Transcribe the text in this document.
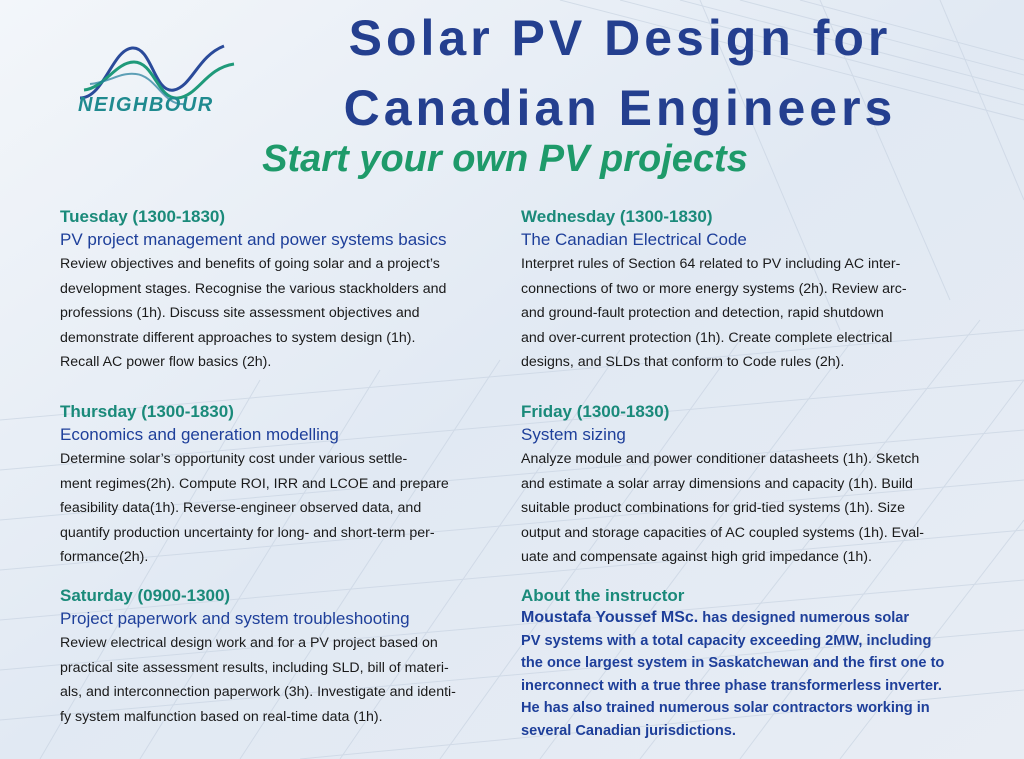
NEIGHBOUR
Solar PV Design for
Canadian Engineers
Start your own PV projects

Tuesday (1300-1830)

PV project management and power systems basics

Review objectives and benefits of going solar and a project’s

development stages. Recognise the various stackholders and

professions (1h). Discuss site assessment objectives and

demonstrate different approaches to system design (1h).

Recall AC power flow basics (2h).

Wednesday (1300-1830)

The Canadian Electrical Code

Interpret rules of Section 64 related to PV including AC inter-

connections of two or more energy systems (2h). Review arc-

and ground-fault protection and detection, rapid shutdown

and over-current protection (1h). Create complete electrical

designs, and SLDs that conform to Code rules (2h).

Thursday (1300-1830)

Economics and generation modelling

Determine solar’s opportunity cost under various settle-

ment regimes(2h). Compute ROI, IRR and LCOE and prepare

feasibility data(1h). Reverse-engineer observed data, and

quantify production uncertainty for long- and short-term per-

formance(2h).

Friday (1300-1830)

System sizing

Analyze module and power conditioner datasheets (1h). Sketch

and estimate a solar array dimensions and capacity (1h). Build

suitable product combinations for grid-tied systems (1h). Size

output and storage capacities of AC coupled systems (1h). Eval-

uate and compensate against high grid impedance (1h).

Saturday (0900-1300)

Project paperwork and system troubleshooting

Review electrical design work and for a PV project based on

practical site assessment results, including SLD, bill of materi-

als, and interconnection paperwork (3h). Investigate and identi-

fy system malfunction based on real-time data (1h).

About the instructor

Moustafa Youssef MSc. has designed numerous solar

PV systems with a total capacity exceeding 2MW, including

the once largest system in Saskatchewan and the first one to

inerconnect with a true three phase transformerless inverter.

He has also trained numerous solar contractors working in

several Canadian jurisdictions.
